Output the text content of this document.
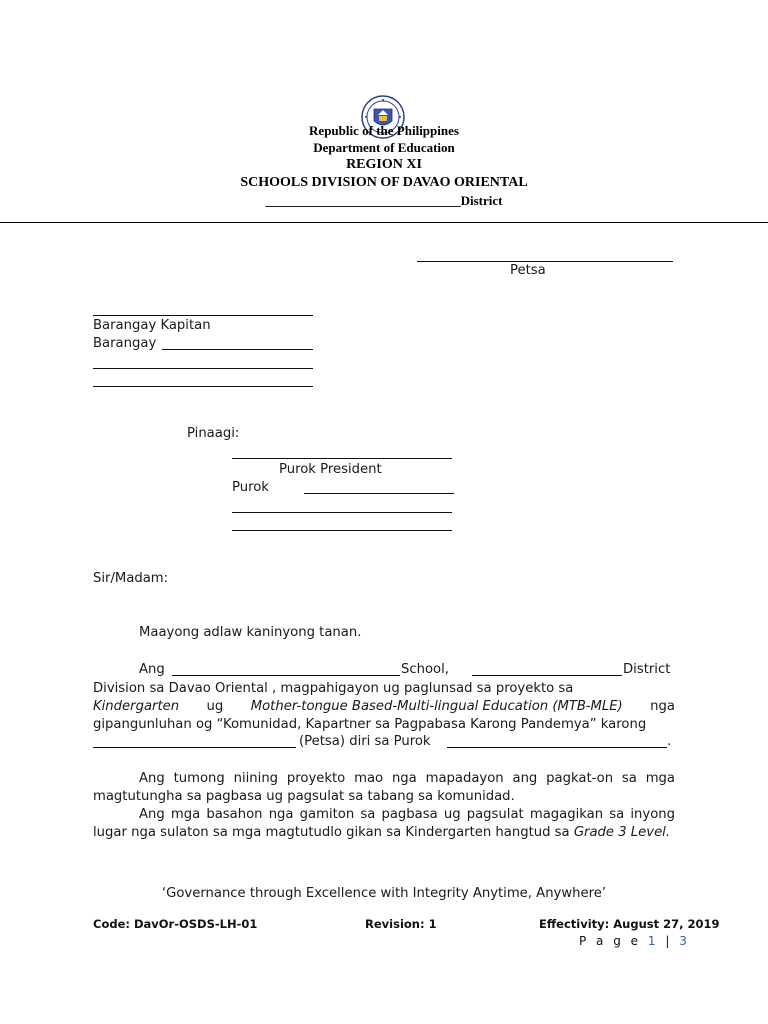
Republic of the Philippines
Department of Education
REGION XI
SCHOOLS DIVISION OF DAVAO ORIENTAL
______________________________District
Petsa
Barangay Kapitan
Barangay
Pinaagi:
Purok President
Purok
Sir/Madam:
Maayong adlaw kaninyong tanan.
Ang	School,	District

Division sa Davao Oriental , magpahigayon ug paglunsad sa proyekto sa

Kindergarten ug Mother-tongue Based-Multi-lingual Education (MTB-MLE) nga

gipangunluhan og “Komunidad, Kapartner sa Pagpabasa Karong Pandemya” karong

(Petsa) diri sa Purok	.

Ang tumong niining proyekto mao nga mapadayon ang pagkat-on sa mga magtutungha sa pagbasa ug pagsulat sa tabang sa komunidad.

Ang mga basahon nga gamiton sa pagbasa ug pagsulat magagikan sa inyong lugar nga sulaton sa mga magtutudlo gikan sa Kindergarten hangtud sa Grade 3 Level.

‘Governance through Excellence with Integrity Anytime, Anywhere’
Code: DavOr-OSDS-LH-01	Revision: 1	Effectivity: August 27, 2019
P a g e 1 | 3
